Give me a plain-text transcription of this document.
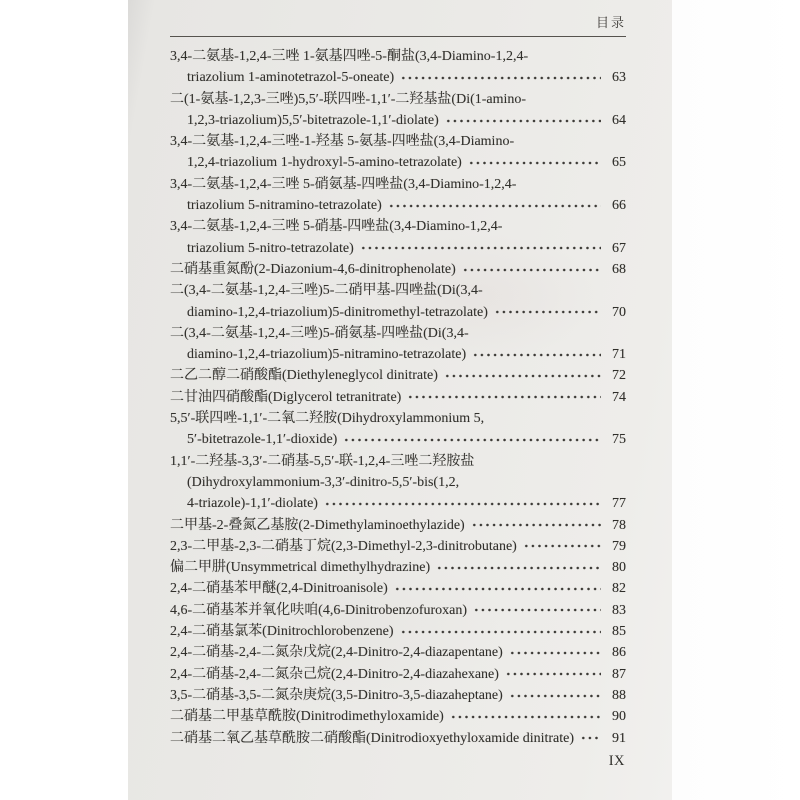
目录
3,4-二氨基-1,2,4-三唑 1-氨基四唑-5-酮盐(3,4-Diamino-1,2,4-
triazolium 1-aminotetrazol-5-oneate)	63
二(1-氨基-1,2,3-三唑)5,5′-联四唑-1,1′-二羟基盐(Di(1-amino-
1,2,3-triazolium)5,5′-bitetrazole-1,1′-diolate)	64
3,4-二氨基-1,2,4-三唑-1-羟基 5-氨基-四唑盐(3,4-Diamino-
1,2,4-triazolium 1-hydroxyl-5-amino-tetrazolate)	65
3,4-二氨基-1,2,4-三唑 5-硝氨基-四唑盐(3,4-Diamino-1,2,4-
triazolium 5-nitramino-tetrazolate)	66
3,4-二氨基-1,2,4-三唑 5-硝基-四唑盐(3,4-Diamino-1,2,4-
triazolium 5-nitro-tetrazolate)	67
二硝基重氮酚(2-Diazonium-4,6-dinitrophenolate)	68
二(3,4-二氨基-1,2,4-三唑)5-二硝甲基-四唑盐(Di(3,4-
diamino-1,2,4-triazolium)5-dinitromethyl-tetrazolate)	70
二(3,4-二氨基-1,2,4-三唑)5-硝氨基-四唑盐(Di(3,4-
diamino-1,2,4-triazolium)5-nitramino-tetrazolate)	71
二乙二醇二硝酸酯(Diethyleneglycol dinitrate)	72
二甘油四硝酸酯(Diglycerol tetranitrate)	74
5,5′-联四唑-1,1′-二氧二羟胺(Dihydroxylammonium 5,
5′-bitetrazole-1,1′-dioxide)	75
1,1′-二羟基-3,3′-二硝基-5,5′-联-1,2,4-三唑二羟胺盐
(Dihydroxylammonium-3,3′-dinitro-5,5′-bis(1,2,
4-triazole)-1,1′-diolate)	77
二甲基-2-叠氮乙基胺(2-Dimethylaminoethylazide)	78
2,3-二甲基-2,3-二硝基丁烷(2,3-Dimethyl-2,3-dinitrobutane)	79
偏二甲肼(Unsymmetrical dimethylhydrazine)	80
2,4-二硝基苯甲醚(2,4-Dinitroanisole)	82
4,6-二硝基苯并氧化呋咱(4,6-Dinitrobenzofuroxan)	83
2,4-二硝基氯苯(Dinitrochlorobenzene)	85
2,4-二硝基-2,4-二氮杂戊烷(2,4-Dinitro-2,4-diazapentane)	86
2,4-二硝基-2,4-二氮杂己烷(2,4-Dinitro-2,4-diazahexane)	87
3,5-二硝基-3,5-二氮杂庚烷(3,5-Dinitro-3,5-diazaheptane)	88
二硝基二甲基草酰胺(Dinitrodimethyloxamide)	90
二硝基二氧乙基草酰胺二硝酸酯(Dinitrodioxyethyloxamide dinitrate)	91
IX
